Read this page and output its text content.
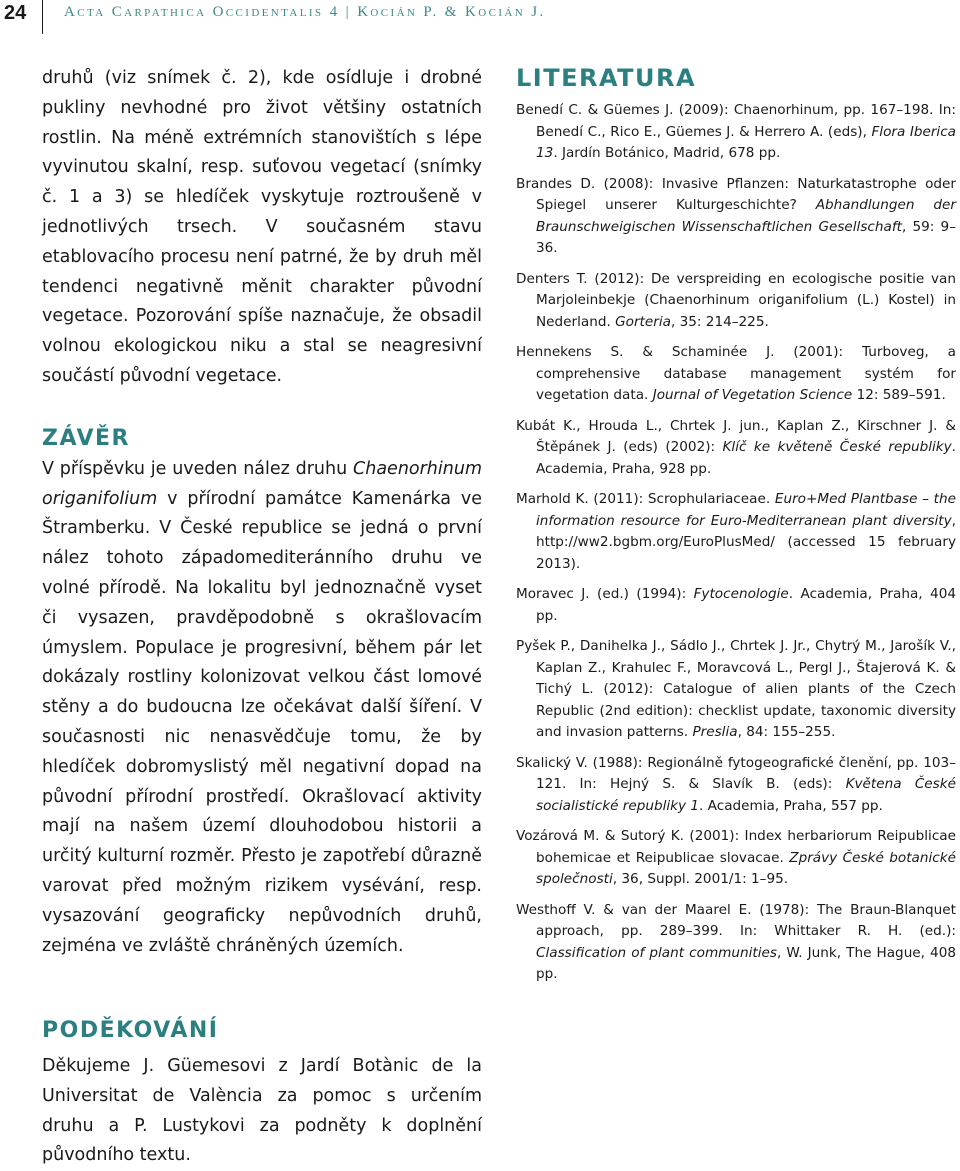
24	Acta Carpathica Occidentalis 4 | Kocián P. & Kocián J.

druhů (viz snímek č. 2), kde osídluje i drobné pukliny nevhodné pro život většiny ostatních rostlin. Na méně extrémních stanovištích s lépe vyvinutou skalní, resp. suťovou vegetací (snímky č. 1 a 3) se hledíček vyskytuje roztroušeně v jednotlivých trsech. V současném stavu etablovacího procesu není patrné, že by druh měl tendenci negativně měnit charakter původní vegetace. Pozorování spíše naznačuje, že obsadil volnou ekologickou niku a stal se neagresivní součástí původní vegetace.

ZÁVĚR

V příspěvku je uveden nález druhu Chaenorhinum origanifolium v přírodní památce Kamenárka ve Štramberku. V České republice se jedná o první nález tohoto západomediteránního druhu ve volné přírodě. Na lokalitu byl jednoznačně vyset či vysazen, pravděpodobně s okrašlovacím úmyslem. Populace je progresivní, během pár let dokázaly rostliny kolonizovat velkou část lomové stěny a do budoucna lze očekávat další šíření. V současnosti nic nenasvědčuje tomu, že by hledíček dobromyslistý měl negativní dopad na původní přírodní prostředí. Okrašlovací aktivity mají na našem území dlouhodobou historii a určitý kulturní rozměr. Přesto je zapotřebí důrazně varovat před možným rizikem vysévání, resp. vysazování geograficky nepůvodních druhů, zejména ve zvláště chráněných územích.

PODĚKOVÁNÍ

Děkujeme J. Güemesovi z Jardí Botànic de la Universitat de València za pomoc s určením druhu a P. Lustykovi za podněty k doplnění původního textu.

LITERATURA

Benedí C. & Güemes J. (2009): Chaenorhinum, pp. 167–198. In: Benedí C., Rico E., Güemes J. & Herrero A. (eds), Flora Iberica 13. Jardín Botánico, Madrid, 678 pp.

Brandes D. (2008): Invasive Pflanzen: Naturkatastrophe oder Spiegel unserer Kulturgeschichte? Abhandlungen der Braunschweigischen Wissenschaftlichen Gesellschaft, 59: 9–36.

Denters T. (2012): De verspreiding en ecologische positie van Marjoleinbekje (Chaenorhinum origanifolium (L.) Kostel) in Nederland. Gorteria, 35: 214–225.

Hennekens S. & Schaminée J. (2001): Turboveg, a comprehensive database management systém for vegetation data. Journal of Vegetation Science 12: 589–591.

Kubát K., Hrouda L., Chrtek J. jun., Kaplan Z., Kirschner J. & Štěpánek J. (eds) (2002): Klíč ke květeně České republiky. Academia, Praha, 928 pp.

Marhold K. (2011): Scrophulariaceae. Euro+Med Plantbase – the information resource for Euro-Mediterranean plant diversity, http://ww2.bgbm.org/EuroPlusMed/ (accessed 15 february 2013).

Moravec J. (ed.) (1994): Fytocenologie. Academia, Praha, 404 pp.

Pyšek P., Danihelka J., Sádlo J., Chrtek J. Jr., Chytrý M., Jarošík V., Kaplan Z., Krahulec F., Moravcová L., Pergl J., Štajerová K. & Tichý L. (2012): Catalogue of alien plants of the Czech Republic (2nd edition): checklist update, taxonomic diversity and invasion patterns. Preslia, 84: 155–255.

Skalický V. (1988): Regionálně fytogeografické členění, pp. 103–121. In: Hejný S. & Slavík B. (eds): Květena České socialistické republiky 1. Academia, Praha, 557 pp.

Vozárová M. & Sutorý K. (2001): Index herbariorum Reipublicae bohemicae et Reipublicae slovacae. Zprávy České botanické společnosti, 36, Suppl. 2001/1: 1–95.

Westhoff V. & van der Maarel E. (1978): The Braun-Blanquet approach, pp. 289–399. In: Whittaker R. H. (ed.): Classification of plant communities, W. Junk, The Hague, 408 pp.
